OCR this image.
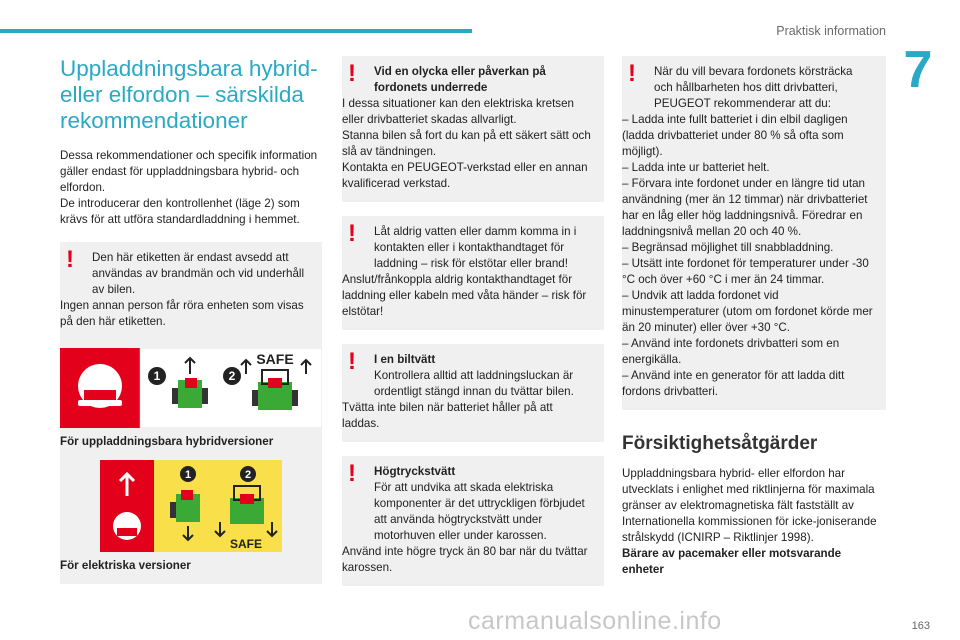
Praktisk information
7
Uppladdningsbara hybrid- eller elfordon – särskilda rekommendationer

Dessa rekommendationer och specifik information gäller endast för uppladdningsbara hybrid- och elfordon.

De introducerar den kontrollenhet (läge 2) som krävs för att utföra standardladdning i hemmet.

!	Den här etiketten är endast avsedd att användas av brandmän och vid underhåll av bilen.

Ingen annan person får röra enheten som visas på den här etiketten.

1	2
SAFE

För uppladdningsbara hybridversioner

1	2
SAFE

För elektriska versioner

!	Vid en olycka eller påverkan på fordonets underrede

I dessa situationer kan den elektriska kretsen eller drivbatteriet skadas allvarligt.

Stanna bilen så fort du kan på ett säkert sätt och slå av tändningen.

Kontakta en PEUGEOT-verkstad eller en annan kvalificerad verkstad.

!	Låt aldrig vatten eller damm komma in i kontakten eller i kontakthandtaget för laddning – risk för elstötar eller brand!

Anslut/frånkoppla aldrig kontakthandtaget för laddning eller kabeln med våta händer – risk för elstötar!

!	I en biltvätt

Kontrollera alltid att laddningsluckan är ordentligt stängd innan du tvättar bilen.

Tvätta inte bilen när batteriet håller på att laddas.

!	Högtryckstvätt

För att undvika att skada elektriska komponenter är det uttryckligen förbjudet att använda högtryckstvätt under motorhuven eller under karossen.

Använd inte högre tryck än 80 bar när du tvättar karossen.

!	När du vill bevara fordonets körsträcka och hållbarheten hos ditt drivbatteri, PEUGEOT rekommenderar att du:

– Ladda inte fullt batteriet i din elbil dagligen (ladda drivbatteriet under 80 % så ofta som möjligt).

– Ladda inte ur batteriet helt.

– Förvara inte fordonet under en längre tid utan användning (mer än 12 timmar) när drivbatteriet har en låg eller hög laddningsnivå. Föredrar en laddningsnivå mellan 20 och 40 %.

– Begränsad möjlighet till snabbladdning.

– Utsätt inte fordonet för temperaturer under -30 °C och över +60 °C i mer än 24 timmar.

– Undvik att ladda fordonet vid minustemperaturer (utom om fordonet körde mer än 20 minuter) eller över +30 °C.

– Använd inte fordonets drivbatteri som en energikälla.

– Använd inte en generator för att ladda ditt fordons drivbatteri.

Försiktighetsåtgärder

Uppladdningsbara hybrid- eller elfordon har utvecklats i enlighet med riktlinjerna för maximala gränser av elektromagnetiska fält fastställt av Internationella kommissionen för icke-joniserande strålskydd (ICNIRP – Riktlinjer 1998).

Bärare av pacemaker eller motsvarande enheter

carmanualsonline.info	163
